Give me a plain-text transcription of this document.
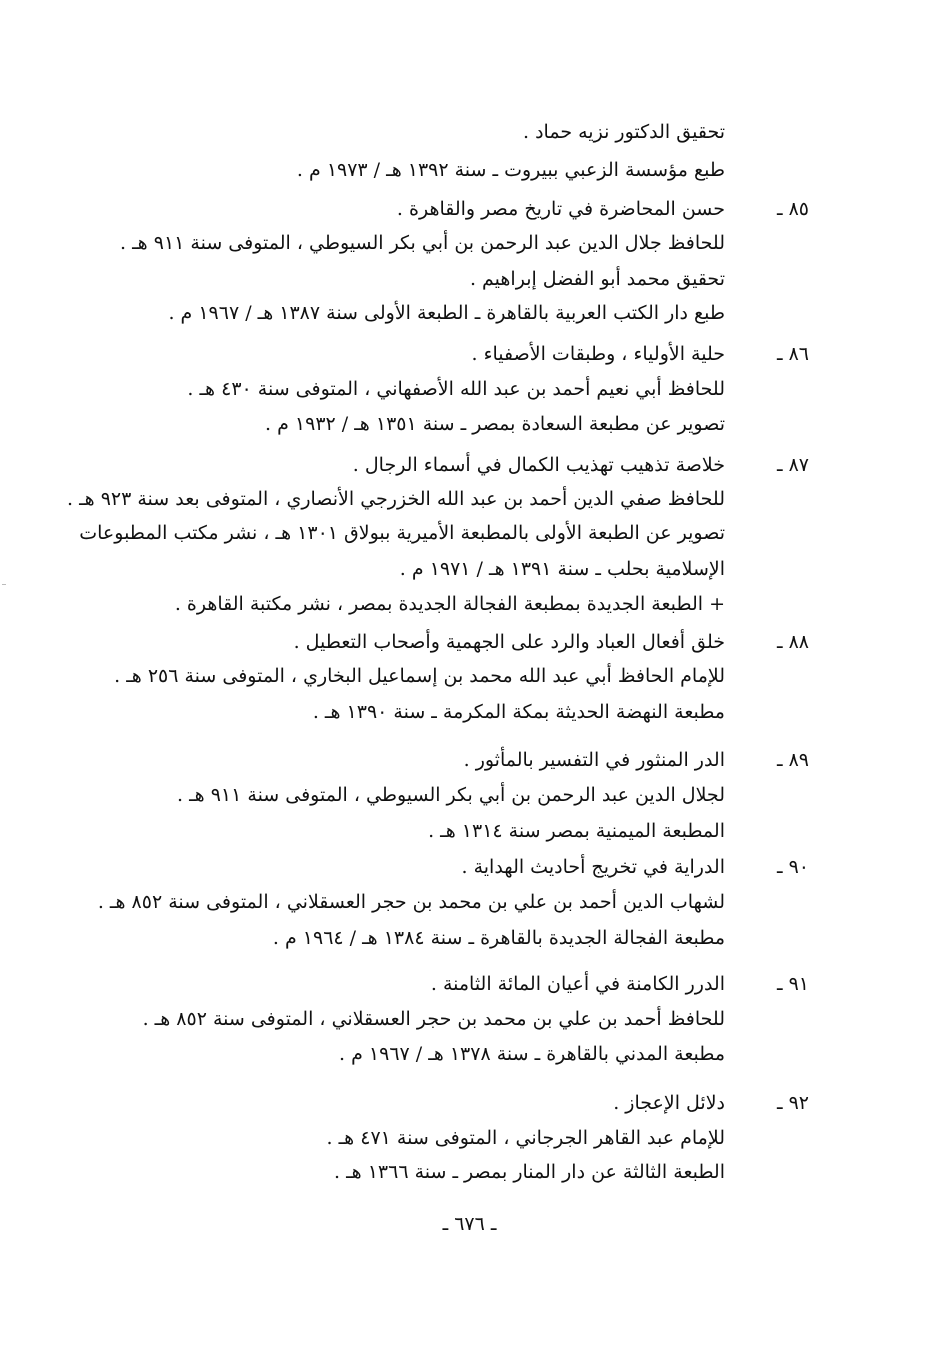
تحقيق الدكتور نزيه حماد .
طبع مؤسسة الزعبي ببيروت ـ سنة ١٣٩٢ هـ / ١٩٧٣ م .
٨٥ ـ
حسن المحاضرة في تاريخ مصر والقاهرة .
للحافظ جلال الدين عبد الرحمن بن أبي بكر السيوطي ، المتوفى سنة ٩١١ هـ .
تحقيق محمد أبو الفضل إبراهيم .
طبع دار الكتب العربية بالقاهرة ـ الطبعة الأولى سنة ١٣٨٧ هـ / ١٩٦٧ م .
٨٦ ـ
حلية الأولياء ، وطبقات الأصفياء .
للحافظ أبي نعيم أحمد بن عبد الله الأصفهاني ، المتوفى سنة ٤٣٠ هـ .
تصوير عن مطبعة السعادة بمصر ـ سنة ١٣٥١ هـ / ١٩٣٢ م .
٨٧ ـ
خلاصة تذهيب تهذيب الكمال في أسماء الرجال .
للحافظ صفي الدين أحمد بن عبد الله الخزرجي الأنصاري ، المتوفى بعد سنة ٩٢٣ هـ .
تصوير عن الطبعة الأولى بالمطبعة الأميرية ببولاق ١٣٠١ هـ ، نشر مكتب المطبوعات
الإسلامية بحلب ـ سنة ١٣٩١ هـ / ١٩٧١ م .
+ الطبعة الجديدة بمطبعة الفجالة الجديدة بمصر ، نشر مكتبة القاهرة .
٨٨ ـ
خلق أفعال العباد والرد على الجهمية وأصحاب التعطيل .
للإمام الحافظ أبي عبد الله محمد بن إسماعيل البخاري ، المتوفى سنة ٢٥٦ هـ .
مطبعة النهضة الحديثة بمكة المكرمة ـ سنة ١٣٩٠ هـ .
٨٩ ـ
الدر المنثور في التفسير بالمأثور .
لجلال الدين عبد الرحمن بن أبي بكر السيوطي ، المتوفى سنة ٩١١ هـ .
المطبعة الميمنية بمصر سنة ١٣١٤ هـ .
٩٠ ـ
الدراية في تخريج أحاديث الهداية .
لشهاب الدين أحمد بن علي بن محمد بن حجر العسقلاني ، المتوفى سنة ٨٥٢ هـ .
مطبعة الفجالة الجديدة بالقاهرة ـ سنة ١٣٨٤ هـ / ١٩٦٤ م .
٩١ ـ
الدرر الكامنة في أعيان المائة الثامنة .
للحافظ أحمد بن علي بن محمد بن حجر العسقلاني ، المتوفى سنة ٨٥٢ هـ .
مطبعة المدني بالقاهرة ـ سنة ١٣٧٨ هـ / ١٩٦٧ م .
٩٢ ـ
دلائل الإعجاز .
للإمام عبد القاهر الجرجاني ، المتوفى سنة ٤٧١ هـ .
الطبعة الثالثة عن دار المنار بمصر ـ سنة ١٣٦٦ هـ .
ـ ٦٧٦ ـ
